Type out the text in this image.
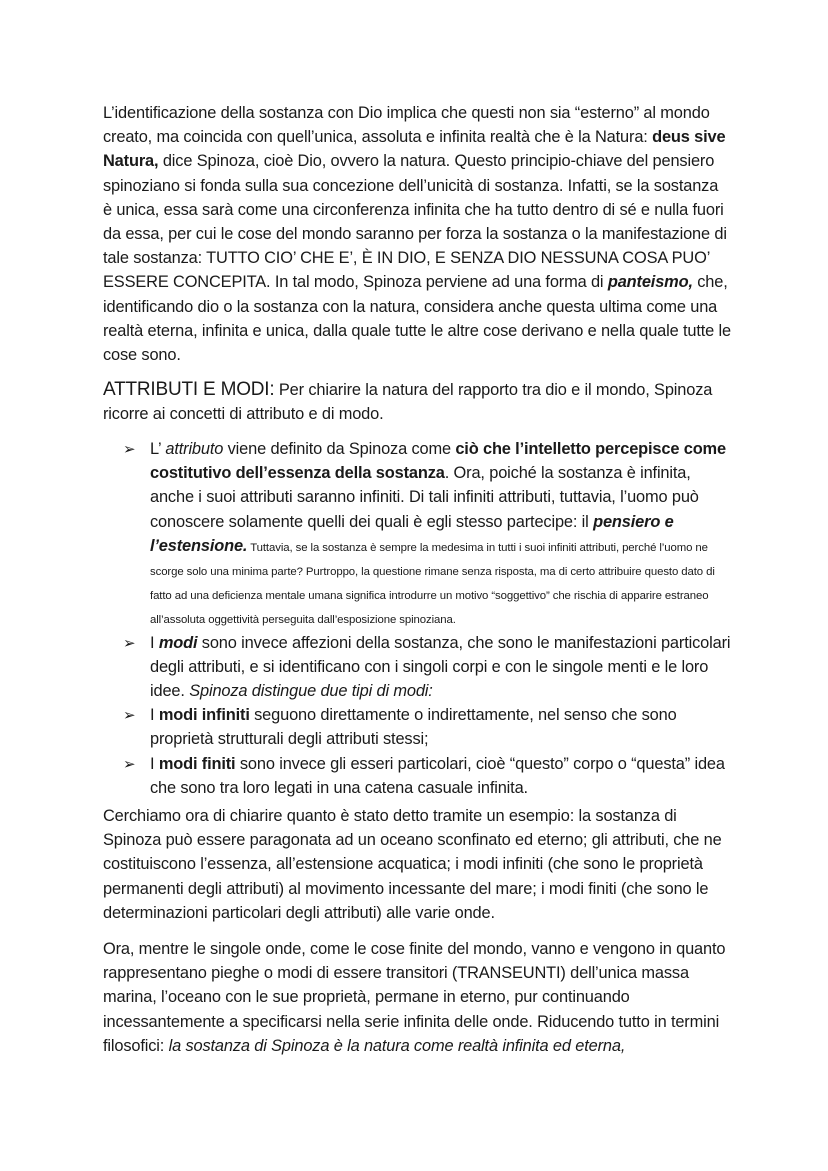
L’identificazione della sostanza con Dio implica che questi non sia “esterno” al mondo creato, ma coincida con quell’unica, assoluta e infinita realtà che è la Natura: deus sive Natura, dice Spinoza, cioè Dio, ovvero la natura. Questo principio-chiave del pensiero spinoziano si fonda sulla sua concezione dell’unicità di sostanza. Infatti, se la sostanza è unica, essa sarà come una circonferenza infinita che ha tutto dentro di sé e nulla fuori da essa, per cui le cose del mondo saranno per forza la sostanza o la manifestazione di tale sostanza: TUTTO CIO’ CHE E’, È IN DIO, E SENZA DIO NESSUNA COSA PUO’ ESSERE CONCEPITA. In tal modo, Spinoza perviene ad una forma di panteismo, che, identificando dio o la sostanza con la natura, considera anche questa ultima come una realtà eterna, infinita e unica, dalla quale tutte le altre cose derivano e nella quale tutte le cose sono.

ATTRIBUTI E MODI: Per chiarire la natura del rapporto tra dio e il mondo, Spinoza ricorre ai concetti di attributo e di modo.

➢ L’ attributo viene definito da Spinoza come ciò che l’intelletto percepisce come costitutivo dell’essenza della sostanza. Ora, poiché la sostanza è infinita, anche i suoi attributi saranno infiniti. Di tali infiniti attributi, tuttavia, l’uomo può conoscere solamente quelli dei quali è egli stesso partecipe: il pensiero e l’estensione. Tuttavia, se la sostanza è sempre la medesima in tutti i suoi infiniti attributi, perché l’uomo ne scorge solo una minima parte? Purtroppo, la questione rimane senza risposta, ma di certo attribuire questo dato di fatto ad una deficienza mentale umana significa introdurre un motivo “soggettivo” che rischia di apparire estraneo all’assoluta oggettività perseguita dall’esposizione spinoziana.
➢ I modi sono invece affezioni della sostanza, che sono le manifestazioni particolari degli attributi, e si identificano con i singoli corpi e con le singole menti e le loro idee. Spinoza distingue due tipi di modi:
➢ I modi infiniti seguono direttamente o indirettamente, nel senso che sono proprietà strutturali degli attributi stessi;
➢ I modi finiti sono invece gli esseri particolari, cioè “questo” corpo o “questa” idea che sono tra loro legati in una catena casuale infinita.

Cerchiamo ora di chiarire quanto è stato detto tramite un esempio: la sostanza di Spinoza può essere paragonata ad un oceano sconfinato ed eterno; gli attributi, che ne costituiscono l’essenza, all’estensione acquatica; i modi infiniti (che sono le proprietà permanenti degli attributi) al movimento incessante del mare; i modi finiti (che sono le determinazioni particolari degli attributi) alle varie onde.

Ora, mentre le singole onde, come le cose finite del mondo, vanno e vengono in quanto rappresentano pieghe o modi di essere transitori (TRANSEUNTI) dell’unica massa marina, l’oceano con le sue proprietà, permane in eterno, pur continuando incessantemente a specificarsi nella serie infinita delle onde. Riducendo tutto in termini filosofici: la sostanza di Spinoza è la natura come realtà infinita ed eterna,
